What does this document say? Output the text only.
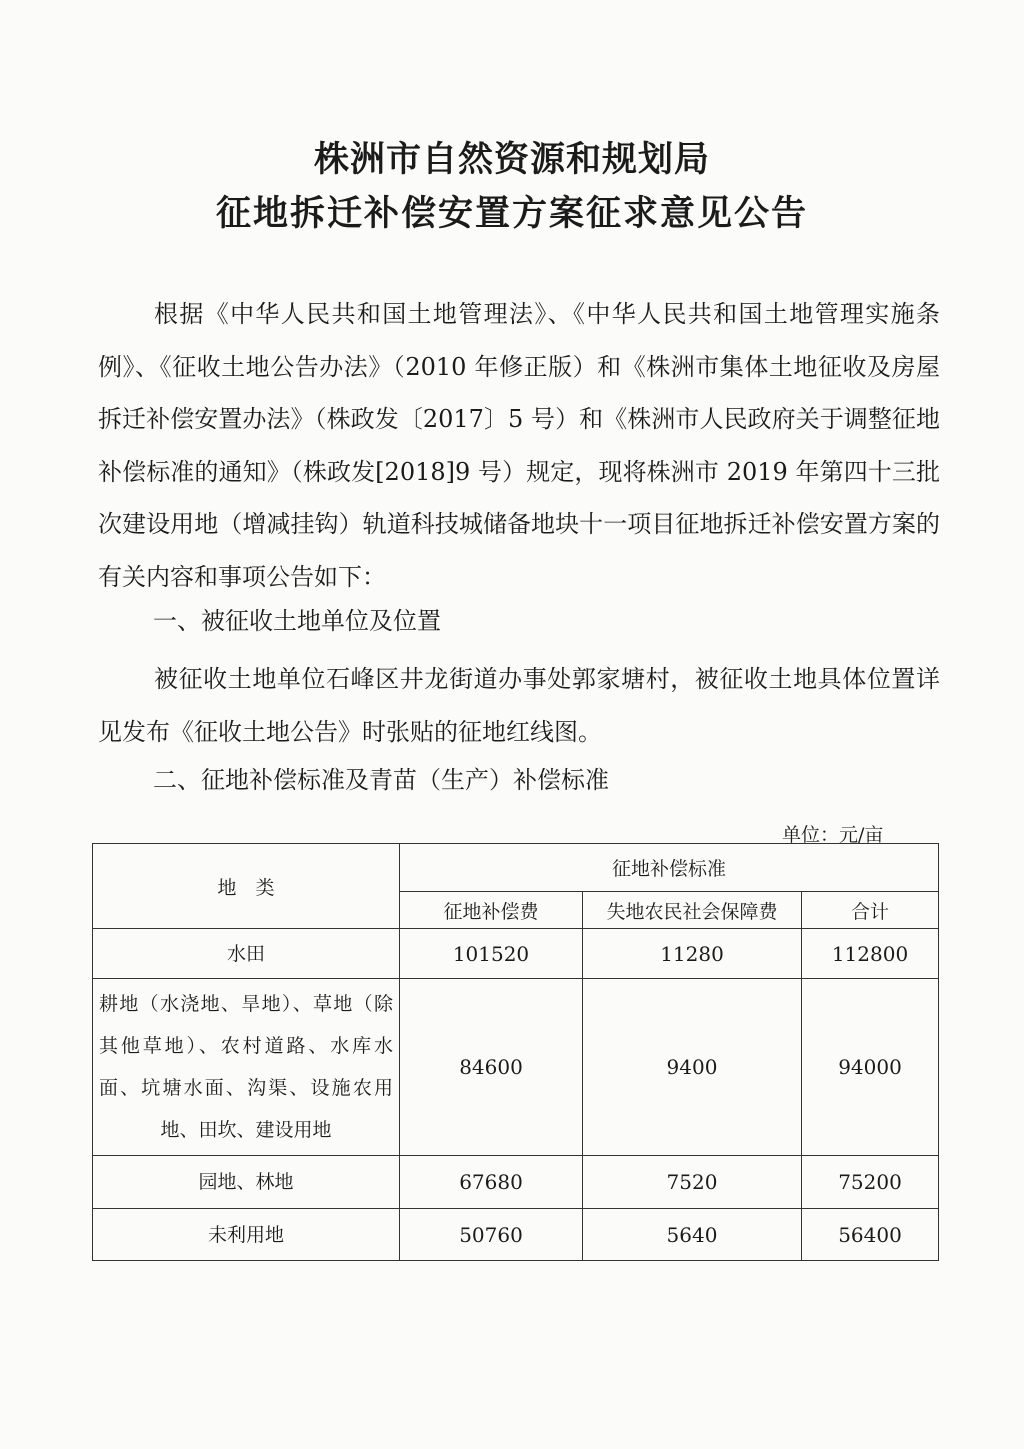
株洲市自然资源和规划局
征地拆迁补偿安置方案征求意见公告
根据《中华人民共和国土地管理法》、《中华人民共和国土地管理实施条例》、《征收土地公告办法》（2010 年修正版）和《株洲市集体土地征收及房屋拆迁补偿安置办法》（株政发〔2017〕5 号）和《株洲市人民政府关于调整征地补偿标准的通知》（株政发[2018]9 号）规定，现将株洲市 2019 年第四十三批次建设用地（增减挂钩）轨道科技城储备地块十一项目征地拆迁补偿安置方案的有关内容和事项公告如下：
一、被征收土地单位及位置
被征收土地单位石峰区井龙街道办事处郭家塘村，被征收土地具体位置详见发布《征收土地公告》时张贴的征地红线图。
二、征地补偿标准及青苗（生产）补偿标准
单位：元/亩
地　类	征地补偿标准		
	征地补偿费	失地农民社会保障费	合计
水田	101520	11280	112800
耕地（水浇地、旱地）、草地（除其他草地）、农村道路、水库水面、坑塘水面、沟渠、设施农用地、田坎、建设用地	84600	9400	94000
园地、林地	67680	7520	75200
未利用地	50760	5640	56400
